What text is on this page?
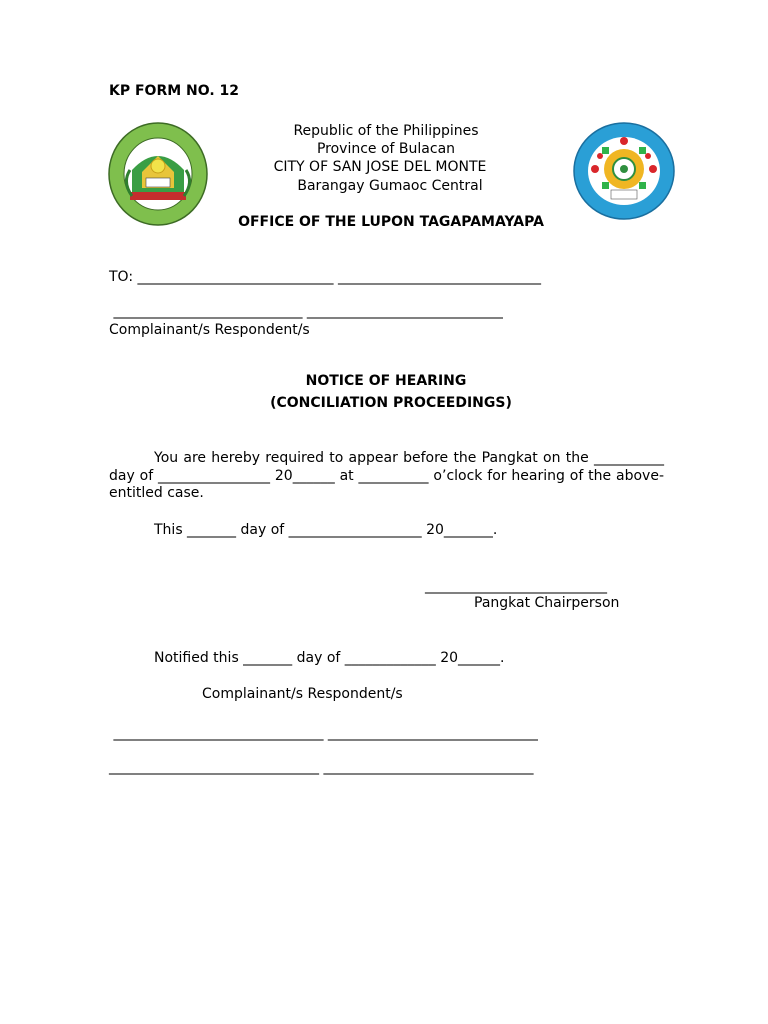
KP FORM NO. 12
Republic of the Philippines
Province of Bulacan
CITY OF SAN JOSE DEL MONTE
Barangay Gumaoc Central
OFFICE OF THE LUPON TAGAPAMAYAPA
TO: ____________________________ _____________________________
___________________________ ____________________________
Complainant/s Respondent/s
NOTICE OF HEARING
(CONCILIATION PROCEEDINGS)
You are hereby required to appear before the Pangkat on the __________ day of ________________ 20______ at __________ o’clock for hearing of the above-entitled case.
This _______ day of ___________________ 20_______.
__________________________
Pangkat Chairperson
Notified this _______ day of _____________ 20______.
Complainant/s Respondent/s
______________________________ ______________________________
______________________________ ______________________________
